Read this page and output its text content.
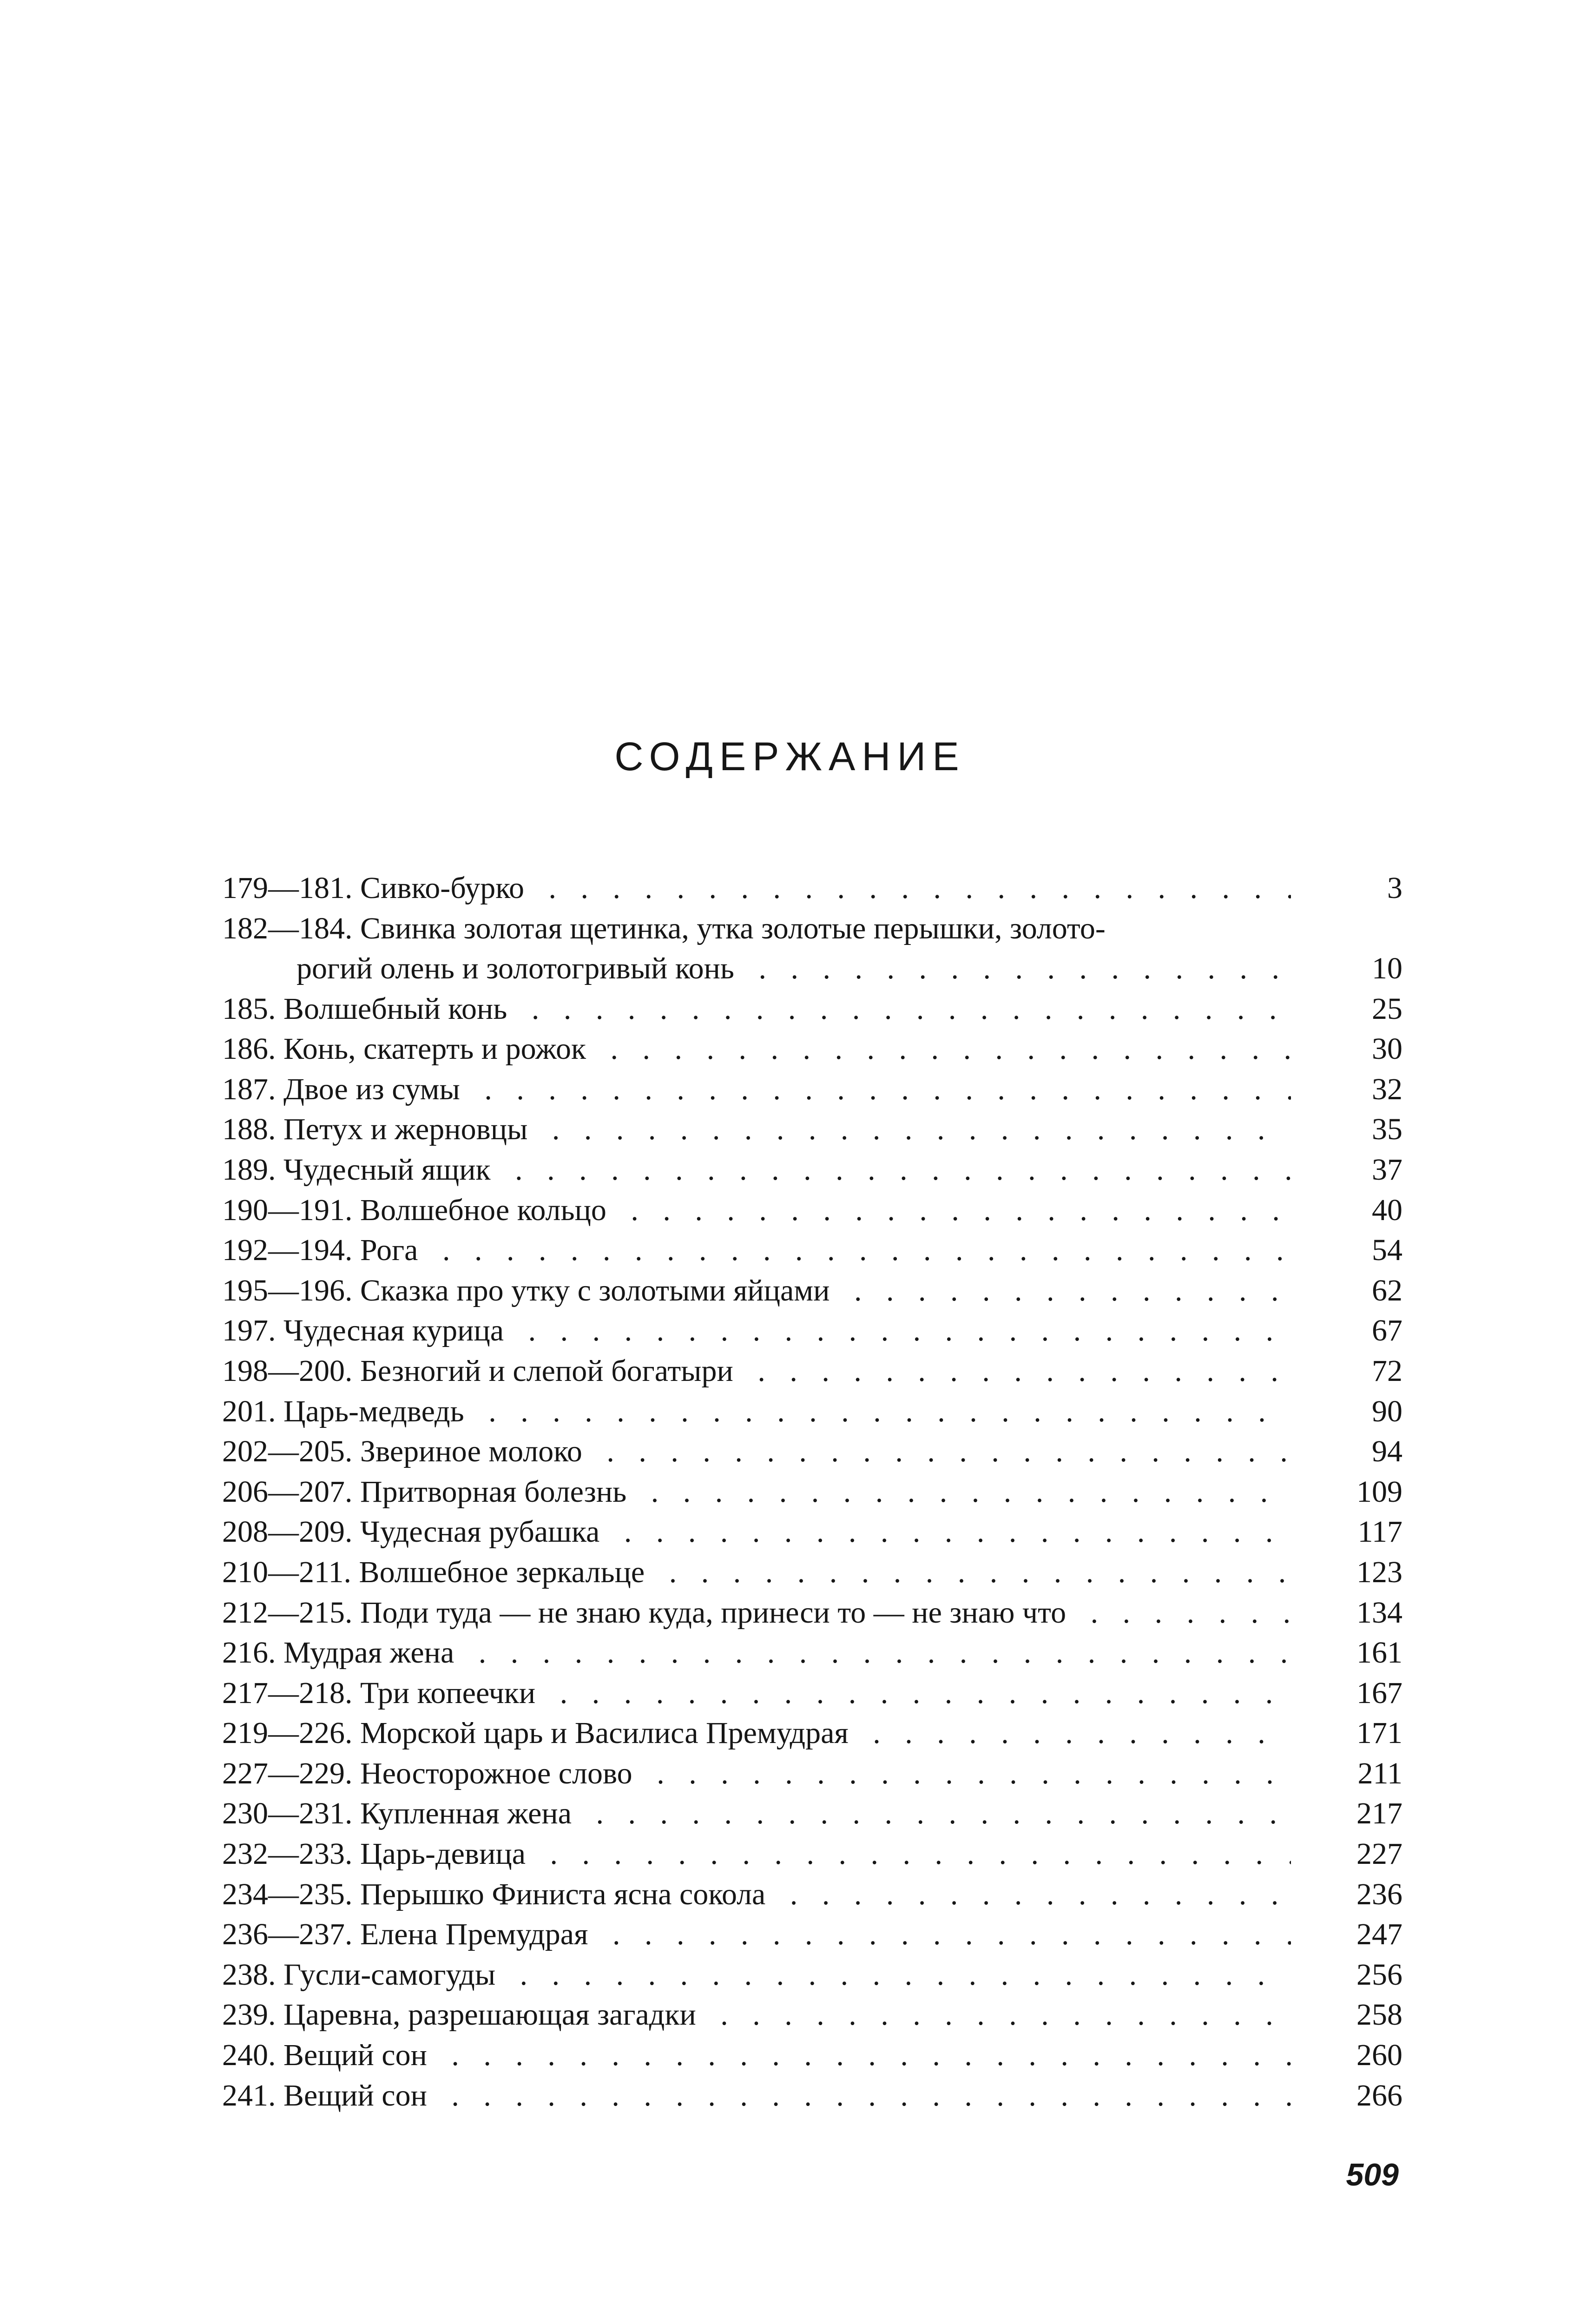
СОДЕРЖАНИЕ
179—181. Сивко-бурко . . .	3
182—184. Свинка золотая щетинка, утка золотые перышки, золото-
рогий олень и золотогривый конь . . .	10
185. Волшебный конь . . .	25
186. Конь, скатерть и рожок . . .	30
187. Двое из сумы . . .	32
188. Петух и жерновцы . . .	35
189. Чудесный ящик . . .	37
190—191. Волшебное кольцо . . .	40
192—194. Рога . . .	54
195—196. Сказка про утку с золотыми яйцами . . .	62
197. Чудесная курица . . .	67
198—200. Безногий и слепой богатыри . . .	72
201. Царь-медведь . . .	90
202—205. Звериное молоко . . .	94
206—207. Притворная болезнь . . .	109
208—209. Чудесная рубашка . . .	117
210—211. Волшебное зеркальце . . .	123
212—215. Поди туда — не знаю куда, принеси то — не знаю что . . .	134
216. Мудрая жена . . .	161
217—218. Три копеечки . . .	167
219—226. Морской царь и Василиса Премудрая . . .	171
227—229. Неосторожное слово . . .	211
230—231. Купленная жена . . .	217
232—233. Царь-девица . . .	227
234—235. Перышко Финиста ясна сокола . . .	236
236—237. Елена Премудрая . . .	247
238. Гусли-самогуды . . .	256
239. Царевна, разрешающая загадки . . .	258
240. Вещий сон . . .	260
241. Вещий сон . . .	266
509
